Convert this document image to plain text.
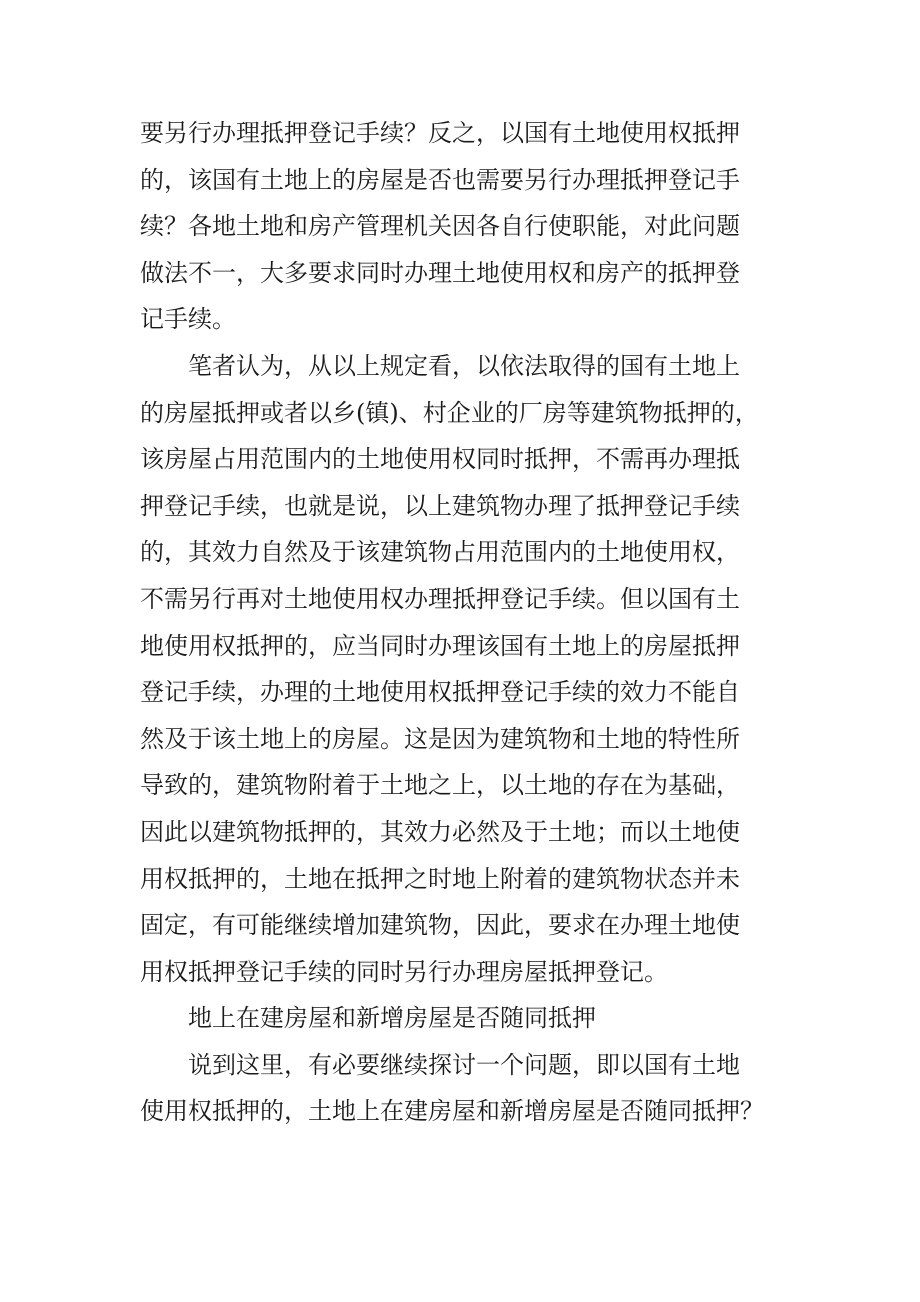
要另行办理抵押登记手续？反之，以国有土地使用权抵押
的，该国有土地上的房屋是否也需要另行办理抵押登记手
续？各地土地和房产管理机关因各自行使职能，对此问题
做法不一，大多要求同时办理土地使用权和房产的抵押登
记手续。
笔者认为，从以上规定看，以依法取得的国有土地上
的房屋抵押或者以乡(镇)、村企业的厂房等建筑物抵押的，
该房屋占用范围内的土地使用权同时抵押，不需再办理抵
押登记手续，也就是说，以上建筑物办理了抵押登记手续
的，其效力自然及于该建筑物占用范围内的土地使用权，
不需另行再对土地使用权办理抵押登记手续。但以国有土
地使用权抵押的，应当同时办理该国有土地上的房屋抵押
登记手续，办理的土地使用权抵押登记手续的效力不能自
然及于该土地上的房屋。这是因为建筑物和土地的特性所
导致的，建筑物附着于土地之上，以土地的存在为基础，
因此以建筑物抵押的，其效力必然及于土地；而以土地使
用权抵押的，土地在抵押之时地上附着的建筑物状态并未
固定，有可能继续增加建筑物，因此，要求在办理土地使
用权抵押登记手续的同时另行办理房屋抵押登记。
地上在建房屋和新增房屋是否随同抵押
说到这里，有必要继续探讨一个问题，即以国有土地
使用权抵押的，土地上在建房屋和新增房屋是否随同抵押？
